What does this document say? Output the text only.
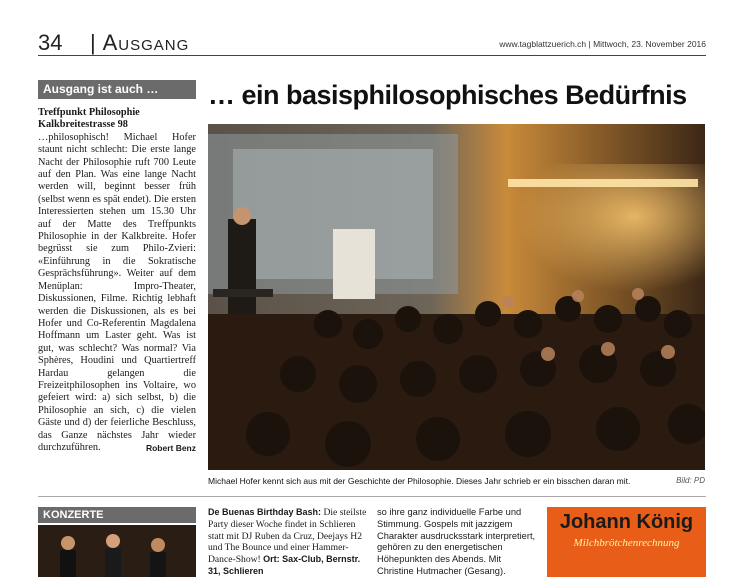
34 | Ausgang	www.tagblattzuerich.ch | Mittwoch, 23. November 2016
Ausgang ist auch …
Treffpunkt Philosophie
Kalkbreitestrasse 98
…philosophisch! Michael Hofer staunt nicht schlecht: Die erste lange Nacht der Philosophie ruft 700 Leute auf den Plan. Was eine lange Nacht werden will, beginnt besser früh (selbst wenn es spät endet). Die ersten Interessierten stehen um 15.30 Uhr auf der Matte des Treffpunkts Philosophie in der Kalkbreite. Hofer begrüsst sie zum Philo-Zvieri: «Einführung in die Sokratische Gesprächsführung». Weiter auf dem Menüplan: Impro-Theater, Diskussionen, Filme. Richtig lebhaft werden die Diskussionen, als es bei Hofer und Co-Referentin Magdalena Hoffmann um Laster geht. Was ist gut, was schlecht? Was normal? Via Sphères, Houdini und Quartiertreff Hardau gelangen die Freizeitphilosophen ins Voltaire, wo gefeiert wird: a) sich selbst, b) die Philosophie an sich, c) die vielen Gäste und d) der feierliche Beschluss, das Ganze nächstes Jahr wieder durchzuführen.	Robert Benz
… ein basisphilosophisches Bedürfnis
Michael Hofer kennt sich aus mit der Geschichte der Philosophie. Dieses Jahr schrieb er ein bisschen daran mit.	Bild: PD
KONZERTE	De Buenas Birthday Bash: Die steilste Party dieser Woche findet in Schlieren statt mit DJ Ruben da Cruz, Deejays H2 und The Bounce und einer Hammer-Dance-Show! Ort: Sax-Club, Bernstr. 31, Schlieren
so ihre ganz individuelle Farbe und Stimmung. Gospels mit jazzigem Charakter ausdrucksstark interpretiert, gehören zu den energetischen Höhepunkten des Abends. Mit Christine Hutmacher (Gesang).
Johann König
Milchbrötchenrechnung
